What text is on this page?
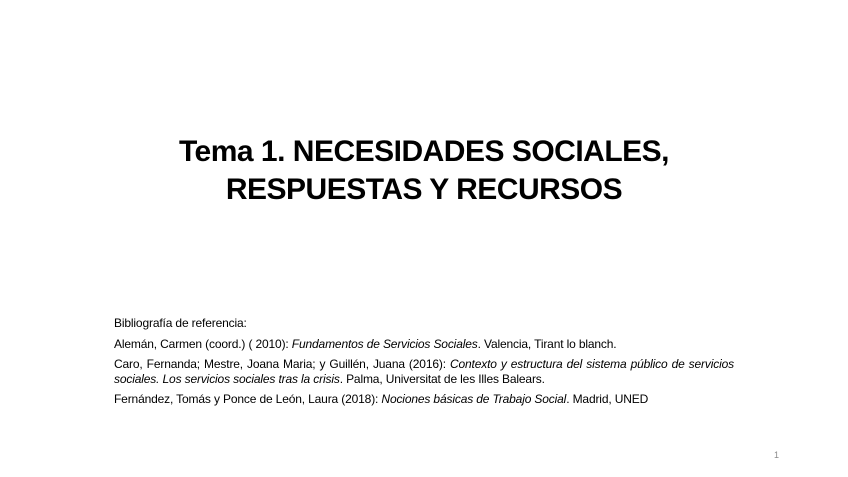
Tema 1. NECESIDADES SOCIALES,
RESPUESTAS Y RECURSOS

Bibliografía de referencia:

Alemán, Carmen (coord.) ( 2010): Fundamentos de Servicios Sociales. Valencia, Tirant lo blanch.

Caro, Fernanda; Mestre, Joana Maria; y Guillén, Juana (2016): Contexto y estructura del sistema público de servicios sociales. Los servicios sociales tras la crisis. Palma, Universitat de les Illes Balears.

Fernández, Tomás y Ponce de León, Laura (2018): Nociones básicas de Trabajo Social. Madrid, UNED

1
